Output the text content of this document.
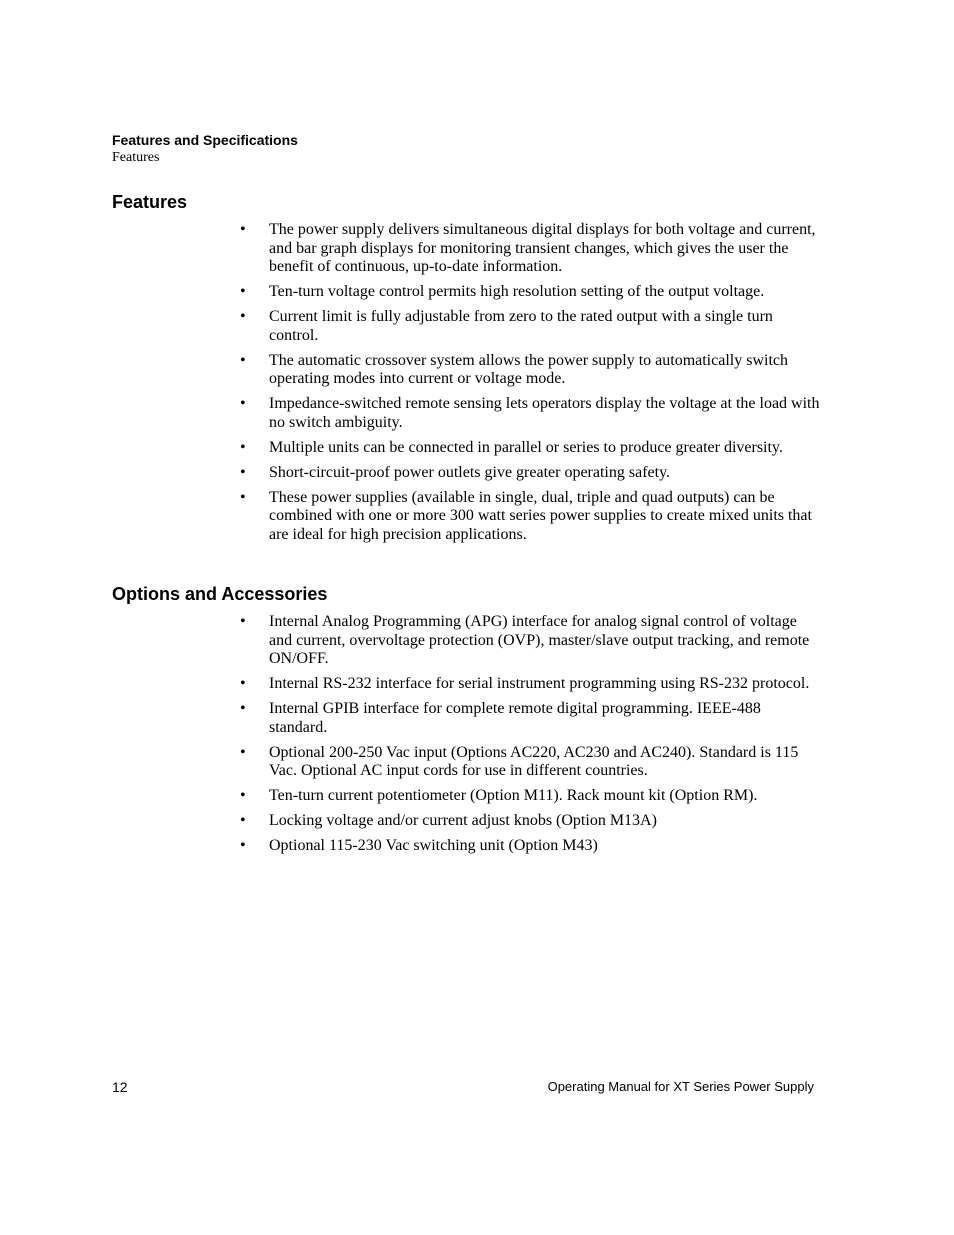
Features and Specifications
Features
Features
• The power supply delivers simultaneous digital displays for both voltage and current, and bar graph displays for monitoring transient changes, which gives the user the benefit of continuous, up-to-date information.
• Ten-turn voltage control permits high resolution setting of the output voltage.
• Current limit is fully adjustable from zero to the rated output with a single turn control.
• The automatic crossover system allows the power supply to automatically switch operating modes into current or voltage mode.
• Impedance-switched remote sensing lets operators display the voltage at the load with no switch ambiguity.
• Multiple units can be connected in parallel or series to produce greater diversity.
• Short-circuit-proof power outlets give greater operating safety.
• These power supplies (available in single, dual, triple and quad outputs) can be combined with one or more 300 watt series power supplies to create mixed units that are ideal for high precision applications.
Options and Accessories
• Internal Analog Programming (APG) interface for analog signal control of voltage and current, overvoltage protection (OVP), master/slave output tracking, and remote ON/OFF.
• Internal RS-232 interface for serial instrument programming using RS-232 protocol.
• Internal GPIB interface for complete remote digital programming. IEEE-488 standard.
• Optional 200-250 Vac input (Options AC220, AC230 and AC240). Standard is 115 Vac. Optional AC input cords for use in different countries.
• Ten-turn current potentiometer (Option M11). Rack mount kit (Option RM).
• Locking voltage and/or current adjust knobs (Option M13A)
• Optional 115-230 Vac switching unit (Option M43)
12	Operating Manual for XT Series Power Supply
